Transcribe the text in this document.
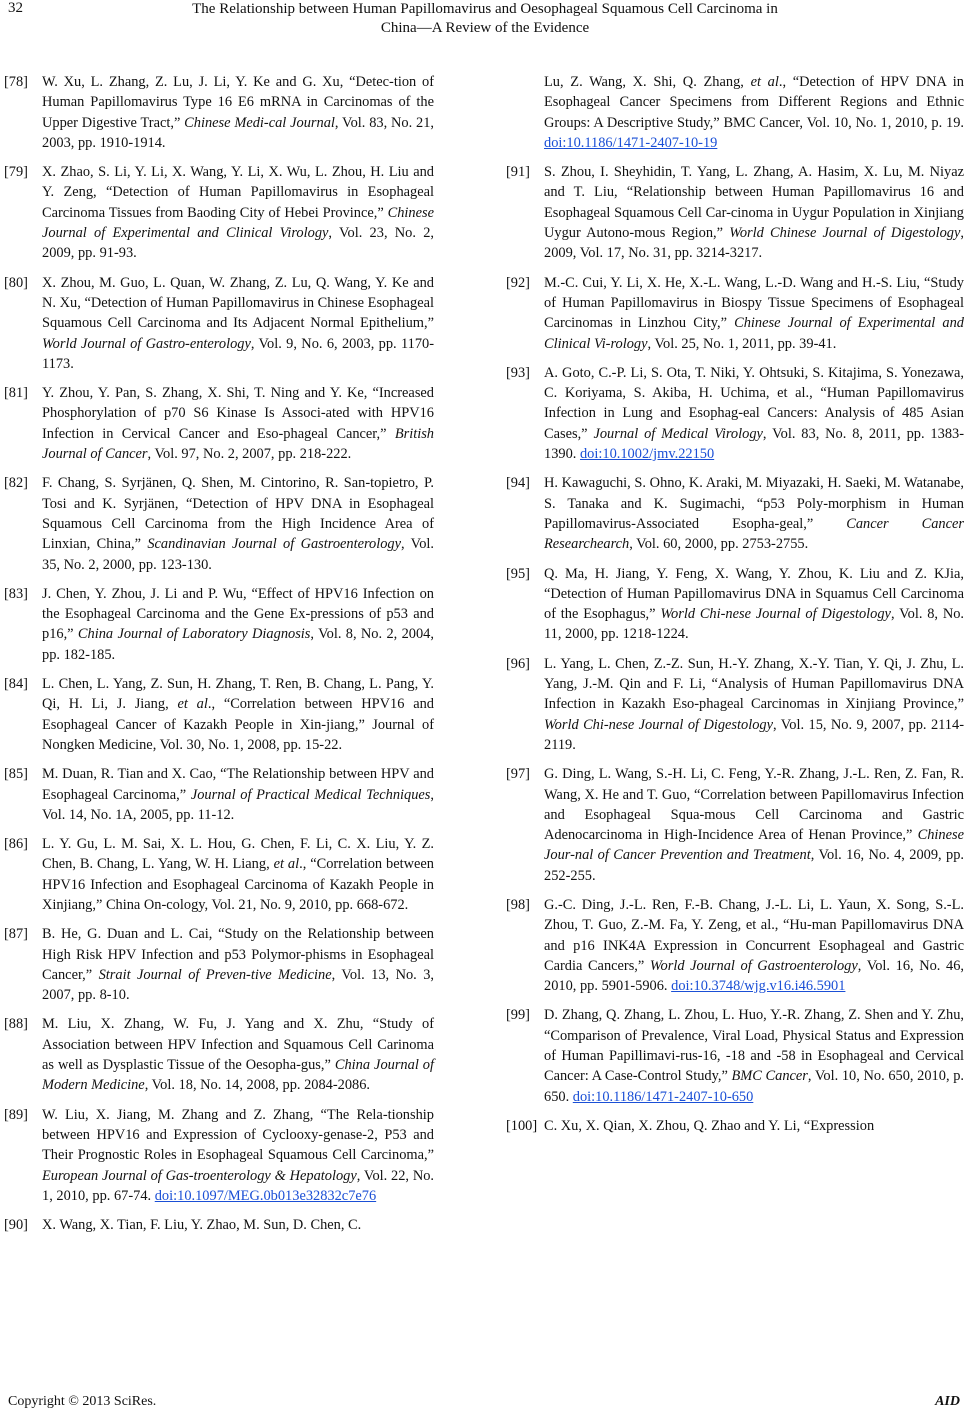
32	The Relationship between Human Papillomavirus and Oesophageal Squamous Cell Carcinoma in
China—A Review of the Evidence
[78] W. Xu, L. Zhang, Z. Lu, J. Li, Y. Ke and G. Xu, “Detec-tion of Human Papillomavirus Type 16 E6 mRNA in Carcinomas of the Upper Digestive Tract,” Chinese Medi-cal Journal, Vol. 83, No. 21, 2003, pp. 1910-1914.
[79] X. Zhao, S. Li, Y. Li, X. Wang, Y. Li, X. Wu, L. Zhou, H. Liu and Y. Zeng, “Detection of Human Papillomavirus in Esophageal Carcinoma Tissues from Baoding City of Hebei Province,” Chinese Journal of Experimental and Clinical Virology, Vol. 23, No. 2, 2009, pp. 91-93.
[80] X. Zhou, M. Guo, L. Quan, W. Zhang, Z. Lu, Q. Wang, Y. Ke and N. Xu, “Detection of Human Papillomavirus in Chinese Esophageal Squamous Cell Carcinoma and Its Adjacent Normal Epithelium,” World Journal of Gastro-enterology, Vol. 9, No. 6, 2003, pp. 1170-1173.
[81] Y. Zhou, Y. Pan, S. Zhang, X. Shi, T. Ning and Y. Ke, “Increased Phosphorylation of p70 S6 Kinase Is Associ-ated with HPV16 Infection in Cervical Cancer and Eso-phageal Cancer,” British Journal of Cancer, Vol. 97, No. 2, 2007, pp. 218-222.
[82] F. Chang, S. Syrjänen, Q. Shen, M. Cintorino, R. San-topietro, P. Tosi and K. Syrjänen, “Detection of HPV DNA in Esophageal Squamous Cell Carcinoma from the High Incidence Area of Linxian, China,” Scandinavian Journal of Gastroenterology, Vol. 35, No. 2, 2000, pp. 123-130.
[83] J. Chen, Y. Zhou, J. Li and P. Wu, “Effect of HPV16 Infection on the Esophageal Carcinoma and the Gene Ex-pressions of p53 and p16,” China Journal of Laboratory Diagnosis, Vol. 8, No. 2, 2004, pp. 182-185.
[84] L. Chen, L. Yang, Z. Sun, H. Zhang, T. Ren, B. Chang, L. Pang, Y. Qi, H. Li, J. Jiang, et al., “Correlation between HPV16 and Esophageal Cancer of Kazakh People in Xin-jiang,” Journal of Nongken Medicine, Vol. 30, No. 1, 2008, pp. 15-22.
[85] M. Duan, R. Tian and X. Cao, “The Relationship between HPV and Esophageal Carcinoma,” Journal of Practical Medical Techniques, Vol. 14, No. 1A, 2005, pp. 11-12.
[86] L. Y. Gu, L. M. Sai, X. L. Hou, G. Chen, F. Li, C. X. Liu, Y. Z. Chen, B. Chang, L. Yang, W. H. Liang, et al., “Correlation between HPV16 Infection and Esophageal Carcinoma of Kazakh People in Xinjiang,” China On-cology, Vol. 21, No. 9, 2010, pp. 668-672.
[87] B. He, G. Duan and L. Cai, “Study on the Relationship between High Risk HPV Infection and p53 Polymor-phisms in Esophageal Cancer,” Strait Journal of Preven-tive Medicine, Vol. 13, No. 3, 2007, pp. 8-10.
[88] M. Liu, X. Zhang, W. Fu, J. Yang and X. Zhu, “Study of Association between HPV Infection and Squamous Cell Carinoma as well as Dysplastic Tissue of the Oesopha-gus,” China Journal of Modern Medicine, Vol. 18, No. 14, 2008, pp. 2084-2086.
[89] W. Liu, X. Jiang, M. Zhang and Z. Zhang, “The Rela-tionship between HPV16 and Expression of Cyclooxy-genase-2, P53 and Their Prognostic Roles in Esophageal Squamous Cell Carcinoma,” European Journal of Gas-troenterology & Hepatology, Vol. 22, No. 1, 2010, pp. 67-74. doi:10.1097/MEG.0b013e32832c7e76
[90] X. Wang, X. Tian, F. Liu, Y. Zhao, M. Sun, D. Chen, C.
Lu, Z. Wang, X. Shi, Q. Zhang, et al., “Detection of HPV DNA in Esophageal Cancer Specimens from Different Regions and Ethnic Groups: A Descriptive Study,” BMC Cancer, Vol. 10, No. 1, 2010, p. 19. doi:10.1186/1471-2407-10-19
[91] S. Zhou, I. Sheyhidin, T. Yang, L. Zhang, A. Hasim, X. Lu, M. Niyaz and T. Liu, “Relationship between Human Papillomavirus 16 and Esophageal Squamous Cell Car-cinoma in Uygur Population in Xinjiang Uygur Autono-mous Region,” World Chinese Journal of Digestology, 2009, Vol. 17, No. 31, pp. 3214-3217.
[92] M.-C. Cui, Y. Li, X. He, X.-L. Wang, L.-D. Wang and H.-S. Liu, “Study of Human Papillomavirus in Biospy Tissue Specimens of Esophageal Carcinomas in Linzhou City,” Chinese Journal of Experimental and Clinical Vi-rology, Vol. 25, No. 1, 2011, pp. 39-41.
[93] A. Goto, C.-P. Li, S. Ota, T. Niki, Y. Ohtsuki, S. Kitajima, S. Yonezawa, C. Koriyama, S. Akiba, H. Uchima, et al., “Human Papillomavirus Infection in Lung and Esophag-eal Cancers: Analysis of 485 Asian Cases,” Journal of Medical Virology, Vol. 83, No. 8, 2011, pp. 1383-1390. doi:10.1002/jmv.22150
[94] H. Kawaguchi, S. Ohno, K. Araki, M. Miyazaki, H. Saeki, M. Watanabe, S. Tanaka and K. Sugimachi, “p53 Poly-morphism in Human Papillomavirus-Associated Esopha-geal,” Cancer Cancer Researchearch, Vol. 60, 2000, pp. 2753-2755.
[95] Q. Ma, H. Jiang, Y. Feng, X. Wang, Y. Zhou, K. Liu and Z. KJia, “Detection of Human Papillomavirus DNA in Squamus Cell Carcinoma of the Esophagus,” World Chi-nese Journal of Digestology, Vol. 8, No. 11, 2000, pp. 1218-1224.
[96] L. Yang, L. Chen, Z.-Z. Sun, H.-Y. Zhang, X.-Y. Tian, Y. Qi, J. Zhu, L. Yang, J.-M. Qin and F. Li, “Analysis of Human Papillomavirus DNA Infection in Kazakh Eso-phageal Carcinomas in Xinjiang Province,” World Chi-nese Journal of Digestology, Vol. 15, No. 9, 2007, pp. 2114-2119.
[97] G. Ding, L. Wang, S.-H. Li, C. Feng, Y.-R. Zhang, J.-L. Ren, Z. Fan, R. Wang, X. He and T. Guo, “Correlation between Papillomavirus Infection and Esophageal Squa-mous Cell Carcinoma and Gastric Adenocarcinoma in High-Incidence Area of Henan Province,” Chinese Jour-nal of Cancer Prevention and Treatment, Vol. 16, No. 4, 2009, pp. 252-255.
[98] G.-C. Ding, J.-L. Ren, F.-B. Chang, J.-L. Li, L. Yaun, X. Song, S.-L. Zhou, T. Guo, Z.-M. Fa, Y. Zeng, et al., “Hu-man Papillomavirus DNA and p16 INK4A Expression in Concurrent Esophageal and Gastric Cardia Cancers,” World Journal of Gastroenterology, Vol. 16, No. 46, 2010, pp. 5901-5906. doi:10.3748/wjg.v16.i46.5901
[99] D. Zhang, Q. Zhang, L. Zhou, L. Huo, Y.-R. Zhang, Z. Shen and Y. Zhu, “Comparison of Prevalence, Viral Load, Physical Status and Expression of Human Papillimavi-rus-16, -18 and -58 in Esophageal and Cervical Cancer: A Case-Control Study,” BMC Cancer, Vol. 10, No. 650, 2010, p. 650. doi:10.1186/1471-2407-10-650
[100] C. Xu, X. Qian, X. Zhou, Q. Zhao and Y. Li, “Expression
Copyright © 2013 SciRes.	AID
